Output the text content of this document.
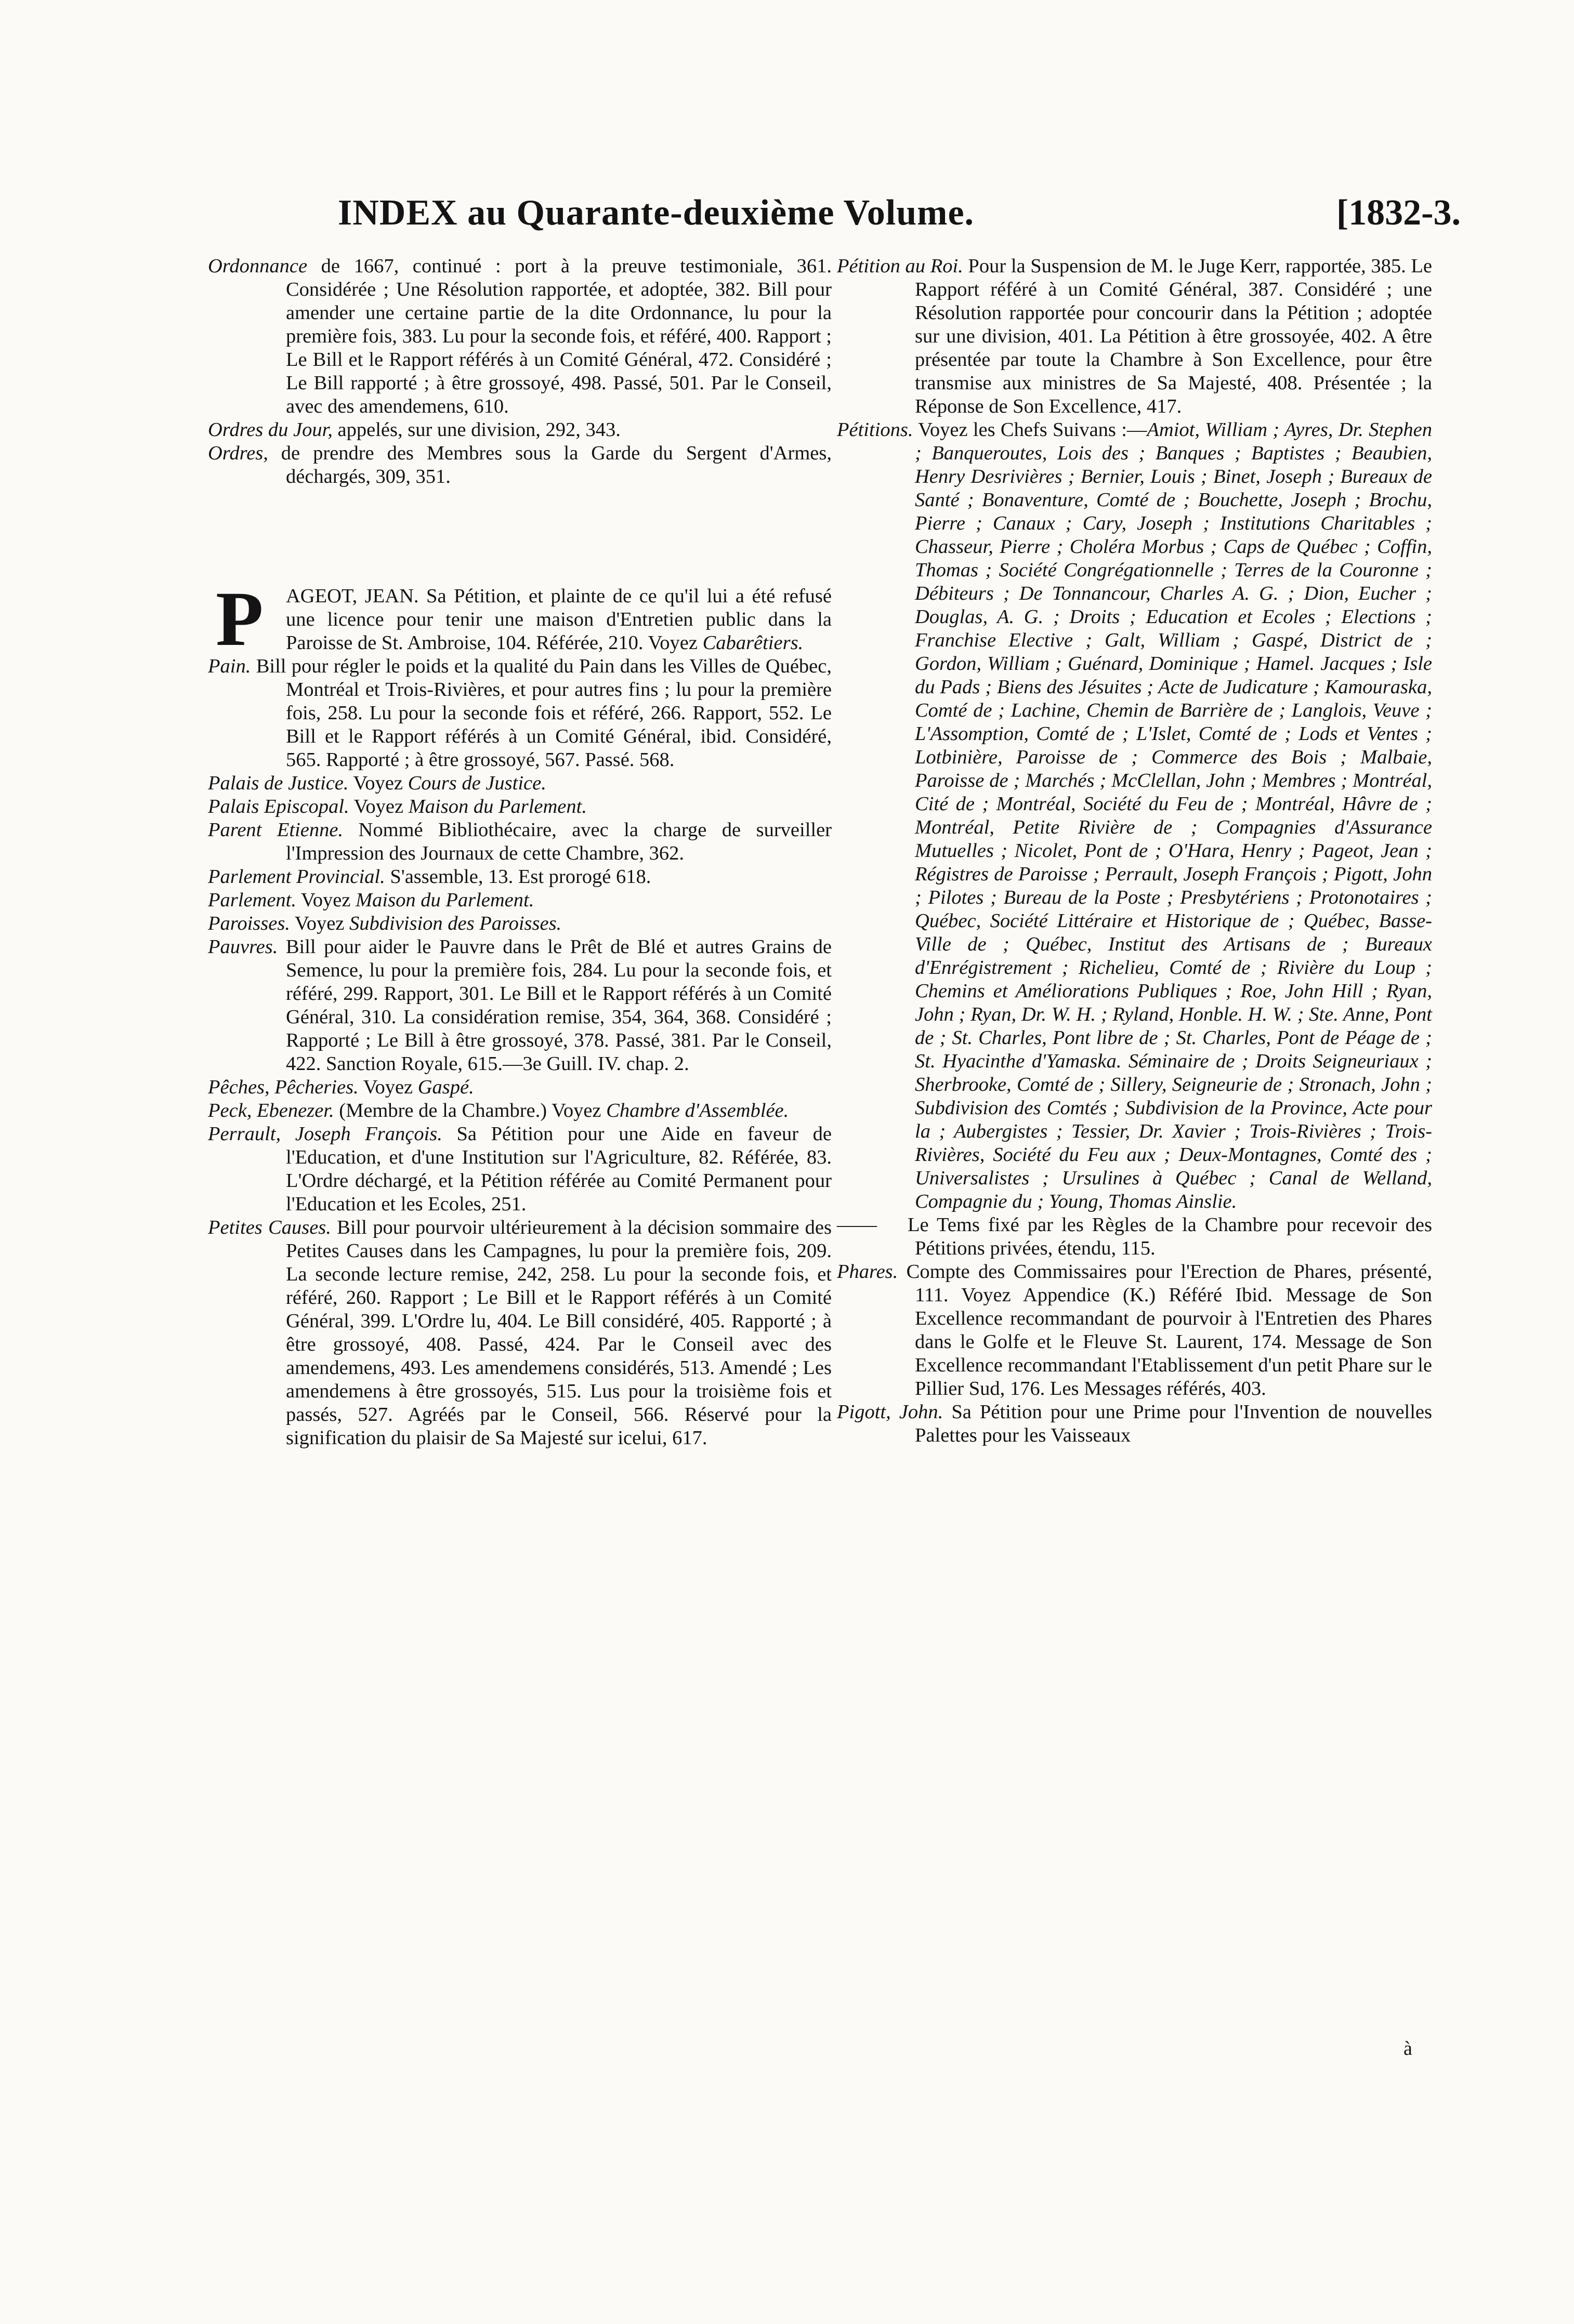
INDEX au Quarante-deuxième Volume.	[1832-3.

Ordonnance de 1667, continué : port à la preuve testimoniale, 361. Considérée ; Une Résolution rapportée, et adoptée, 382. Bill pour amender une certaine partie de la dite Ordonnance, lu pour la première fois, 383. Lu pour la seconde fois, et référé, 400. Rapport ; Le Bill et le Rapport référés à un Comité Général, 472. Considéré ; Le Bill rapporté ; à être grossoyé, 498. Passé, 501. Par le Conseil, avec des amendemens, 610.

Ordres du Jour, appelés, sur une division, 292, 343.

Ordres, de prendre des Membres sous la Garde du Sergent d'Armes, déchargés, 309, 351.

P AGEOT, JEAN. Sa Pétition, et plainte de ce qu'il lui a été refusé une licence pour tenir une maison d'Entretien public dans la Paroisse de St. Ambroise, 104. Référée, 210. Voyez Cabarêtiers.

Pain. Bill pour régler le poids et la qualité du Pain dans les Villes de Québec, Montréal et Trois-Rivières, et pour autres fins ; lu pour la première fois, 258. Lu pour la seconde fois et référé, 266. Rapport, 552. Le Bill et le Rapport référés à un Comité Général, ibid. Considéré, 565. Rapporté ; à être grossoyé, 567. Passé. 568.

Palais de Justice. Voyez Cours de Justice.

Palais Episcopal. Voyez Maison du Parlement.

Parent Etienne. Nommé Bibliothécaire, avec la charge de surveiller l'Impression des Journaux de cette Chambre, 362.

Parlement Provincial. S'assemble, 13. Est prorogé 618.

Parlement. Voyez Maison du Parlement.

Paroisses. Voyez Subdivision des Paroisses.

Pauvres. Bill pour aider le Pauvre dans le Prêt de Blé et autres Grains de Semence, lu pour la première fois, 284. Lu pour la seconde fois, et référé, 299. Rapport, 301. Le Bill et le Rapport référés à un Comité Général, 310. La considération remise, 354, 364, 368. Considéré ; Rapporté ; Le Bill à être grossoyé, 378. Passé, 381. Par le Conseil, 422. Sanction Royale, 615.—3e Guill. IV. chap. 2.

Pêches, Pêcheries. Voyez Gaspé.

Peck, Ebenezer. (Membre de la Chambre.) Voyez Chambre d'Assemblée.

Perrault, Joseph François. Sa Pétition pour une Aide en faveur de l'Education, et d'une Institution sur l'Agriculture, 82. Référée, 83. L'Ordre déchargé, et la Pétition référée au Comité Permanent pour l'Education et les Ecoles, 251.

Petites Causes. Bill pour pourvoir ultérieurement à la décision sommaire des Petites Causes dans les Campagnes, lu pour la première fois, 209. La seconde lecture remise, 242, 258. Lu pour la seconde fois, et référé, 260. Rapport ; Le Bill et le Rapport référés à un Comité Général, 399. L'Ordre lu, 404. Le Bill considéré, 405. Rapporté ; à être grossoyé, 408. Passé, 424. Par le Conseil avec des amendemens, 493. Les amendemens considérés, 513. Amendé ; Les amendemens à être grossoyés, 515. Lus pour la troisième fois et passés, 527. Agréés par le Conseil, 566. Réservé pour la signification du plaisir de Sa Majesté sur icelui, 617.

Pétition au Roi. Pour la Suspension de M. le Juge Kerr, rapportée, 385. Le Rapport référé à un Comité Général, 387. Considéré ; une Résolution rapportée pour concourir dans la Pétition ; adoptée sur une division, 401. La Pétition à être grossoyée, 402. A être présentée par toute la Chambre à Son Excellence, pour être transmise aux ministres de Sa Majesté, 408. Présentée ; la Réponse de Son Excellence, 417.

Pétitions. Voyez les Chefs Suivans :—Amiot, William ; Ayres, Dr. Stephen ; Banqueroutes, Lois des ; Banques ; Baptistes ; Beaubien, Henry Desrivières ; Bernier, Louis ; Binet, Joseph ; Bureaux de Santé ; Bonaventure, Comté de ; Bouchette, Joseph ; Brochu, Pierre ; Canaux ; Cary, Joseph ; Institutions Charitables ; Chasseur, Pierre ; Choléra Morbus ; Caps de Québec ; Coffin, Thomas ; Société Congrégationnelle ; Terres de la Couronne ; Débiteurs ; De Tonnancour, Charles A. G. ; Dion, Eucher ; Douglas, A. G. ; Droits ; Education et Ecoles ; Elections ; Franchise Elective ; Galt, William ; Gaspé, District de ; Gordon, William ; Guénard, Dominique ; Hamel. Jacques ; Isle du Pads ; Biens des Jésuites ; Acte de Judicature ; Kamouraska, Comté de ; Lachine, Chemin de Barrière de ; Langlois, Veuve ; L'Assomption, Comté de ; L'Islet, Comté de ; Lods et Ventes ; Lotbinière, Paroisse de ; Commerce des Bois ; Malbaie, Paroisse de ; Marchés ; McClellan, John ; Membres ; Montréal, Cité de ; Montréal, Société du Feu de ; Montréal, Hâvre de ; Montréal, Petite Rivière de ; Compagnies d'Assurance Mutuelles ; Nicolet, Pont de ; O'Hara, Henry ; Pageot, Jean ; Régistres de Paroisse ; Perrault, Joseph François ; Pigott, John ; Pilotes ; Bureau de la Poste ; Presbytériens ; Protonotaires ; Québec, Société Littéraire et Historique de ; Québec, Basse-Ville de ; Québec, Institut des Artisans de ; Bureaux d'Enrégistrement ; Richelieu, Comté de ; Rivière du Loup ; Chemins et Améliorations Publiques ; Roe, John Hill ; Ryan, John ; Ryan, Dr. W. H. ; Ryland, Honble. H. W. ; Ste. Anne, Pont de ; St. Charles, Pont libre de ; St. Charles, Pont de Péage de ; St. Hyacinthe d'Yamaska. Séminaire de ; Droits Seigneuriaux ; Sherbrooke, Comté de ; Sillery, Seigneurie de ; Stronach, John ; Subdivision des Comtés ; Subdivision de la Province, Acte pour la ; Aubergistes ; Tessier, Dr. Xavier ; Trois-Rivières ; Trois-Rivières, Société du Feu aux ; Deux-Montagnes, Comté des ; Universalistes ; Ursulines à Québec ; Canal de Welland, Compagnie du ; Young, Thomas Ainslie.

—— Le Tems fixé par les Règles de la Chambre pour recevoir des Pétitions privées, étendu, 115.

Phares. Compte des Commissaires pour l'Erection de Phares, présenté, 111. Voyez Appendice (K.) Référé Ibid. Message de Son Excellence recommandant de pourvoir à l'Entretien des Phares dans le Golfe et le Fleuve St. Laurent, 174. Message de Son Excellence recommandant l'Etablissement d'un petit Phare sur le Pillier Sud, 176. Les Messages référés, 403.

Pigott, John. Sa Pétition pour une Prime pour l'Invention de nouvelles Palettes pour les Vaisseaux

à
